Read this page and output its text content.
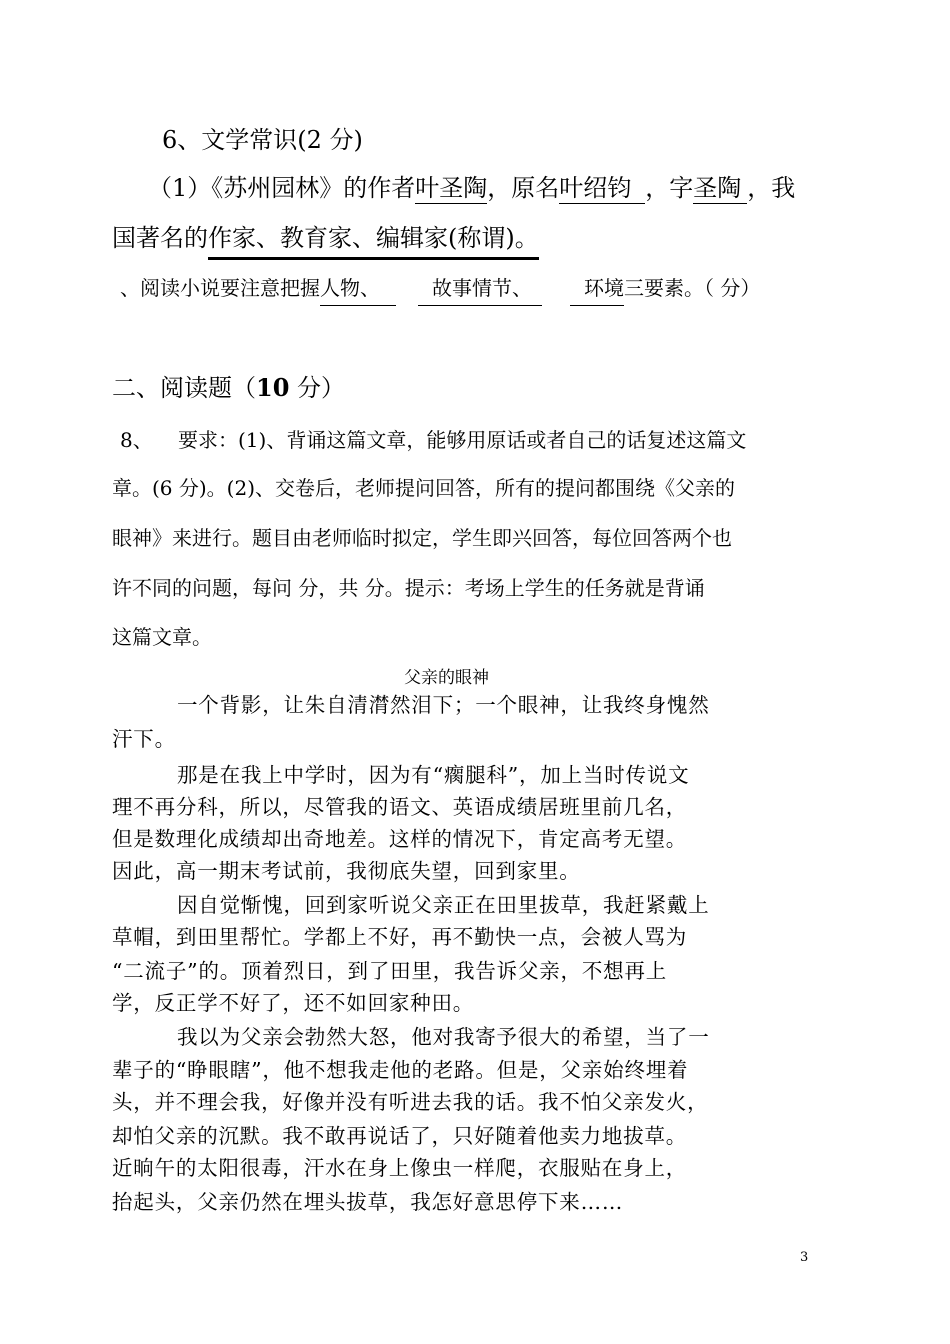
6、文学常识(2 分)
（1）《苏州园林》的作者叶圣陶，原名叶绍钧 ，字圣陶 ，我
国著名的作家、教育家、编辑家(称谓)。
、阅读小说要注意把握人物、	故事情节、	环境三要素。（ 分）
二、阅读题（10 分）
8、 要求：(1)、背诵这篇文章，能够用原话或者自己的话复述这篇文
章。(6 分)。(2)、交卷后，老师提问回答，所有的提问都围绕《父亲的
眼神》来进行。题目由老师临时拟定，学生即兴回答，每位回答两个也
许不同的问题，每问 分，共 分。提示：考场上学生的任务就是背诵
这篇文章。
父亲的眼神
一个背影，让朱自清潸然泪下；一个眼神，让我终身愧然
汗下。
那是在我上中学时，因为有“瘸腿科”，加上当时传说文
理不再分科，所以，尽管我的语文、英语成绩居班里前几名，
但是数理化成绩却出奇地差。这样的情况下，肯定高考无望。
因此，高一期末考试前，我彻底失望，回到家里。
因自觉惭愧，回到家听说父亲正在田里拔草，我赶紧戴上
草帽，到田里帮忙。学都上不好，再不勤快一点，会被人骂为
“二流子”的。顶着烈日，到了田里，我告诉父亲，不想再上
学，反正学不好了，还不如回家种田。
我以为父亲会勃然大怒，他对我寄予很大的希望，当了一
辈子的“睁眼瞎”，他不想我走他的老路。但是，父亲始终埋着
头，并不理会我，好像并没有听进去我的话。我不怕父亲发火，
却怕父亲的沉默。我不敢再说话了，只好随着他卖力地拔草。
近晌午的太阳很毒，汗水在身上像虫一样爬，衣服贴在身上，
抬起头，父亲仍然在埋头拔草，我怎好意思停下来……
3
